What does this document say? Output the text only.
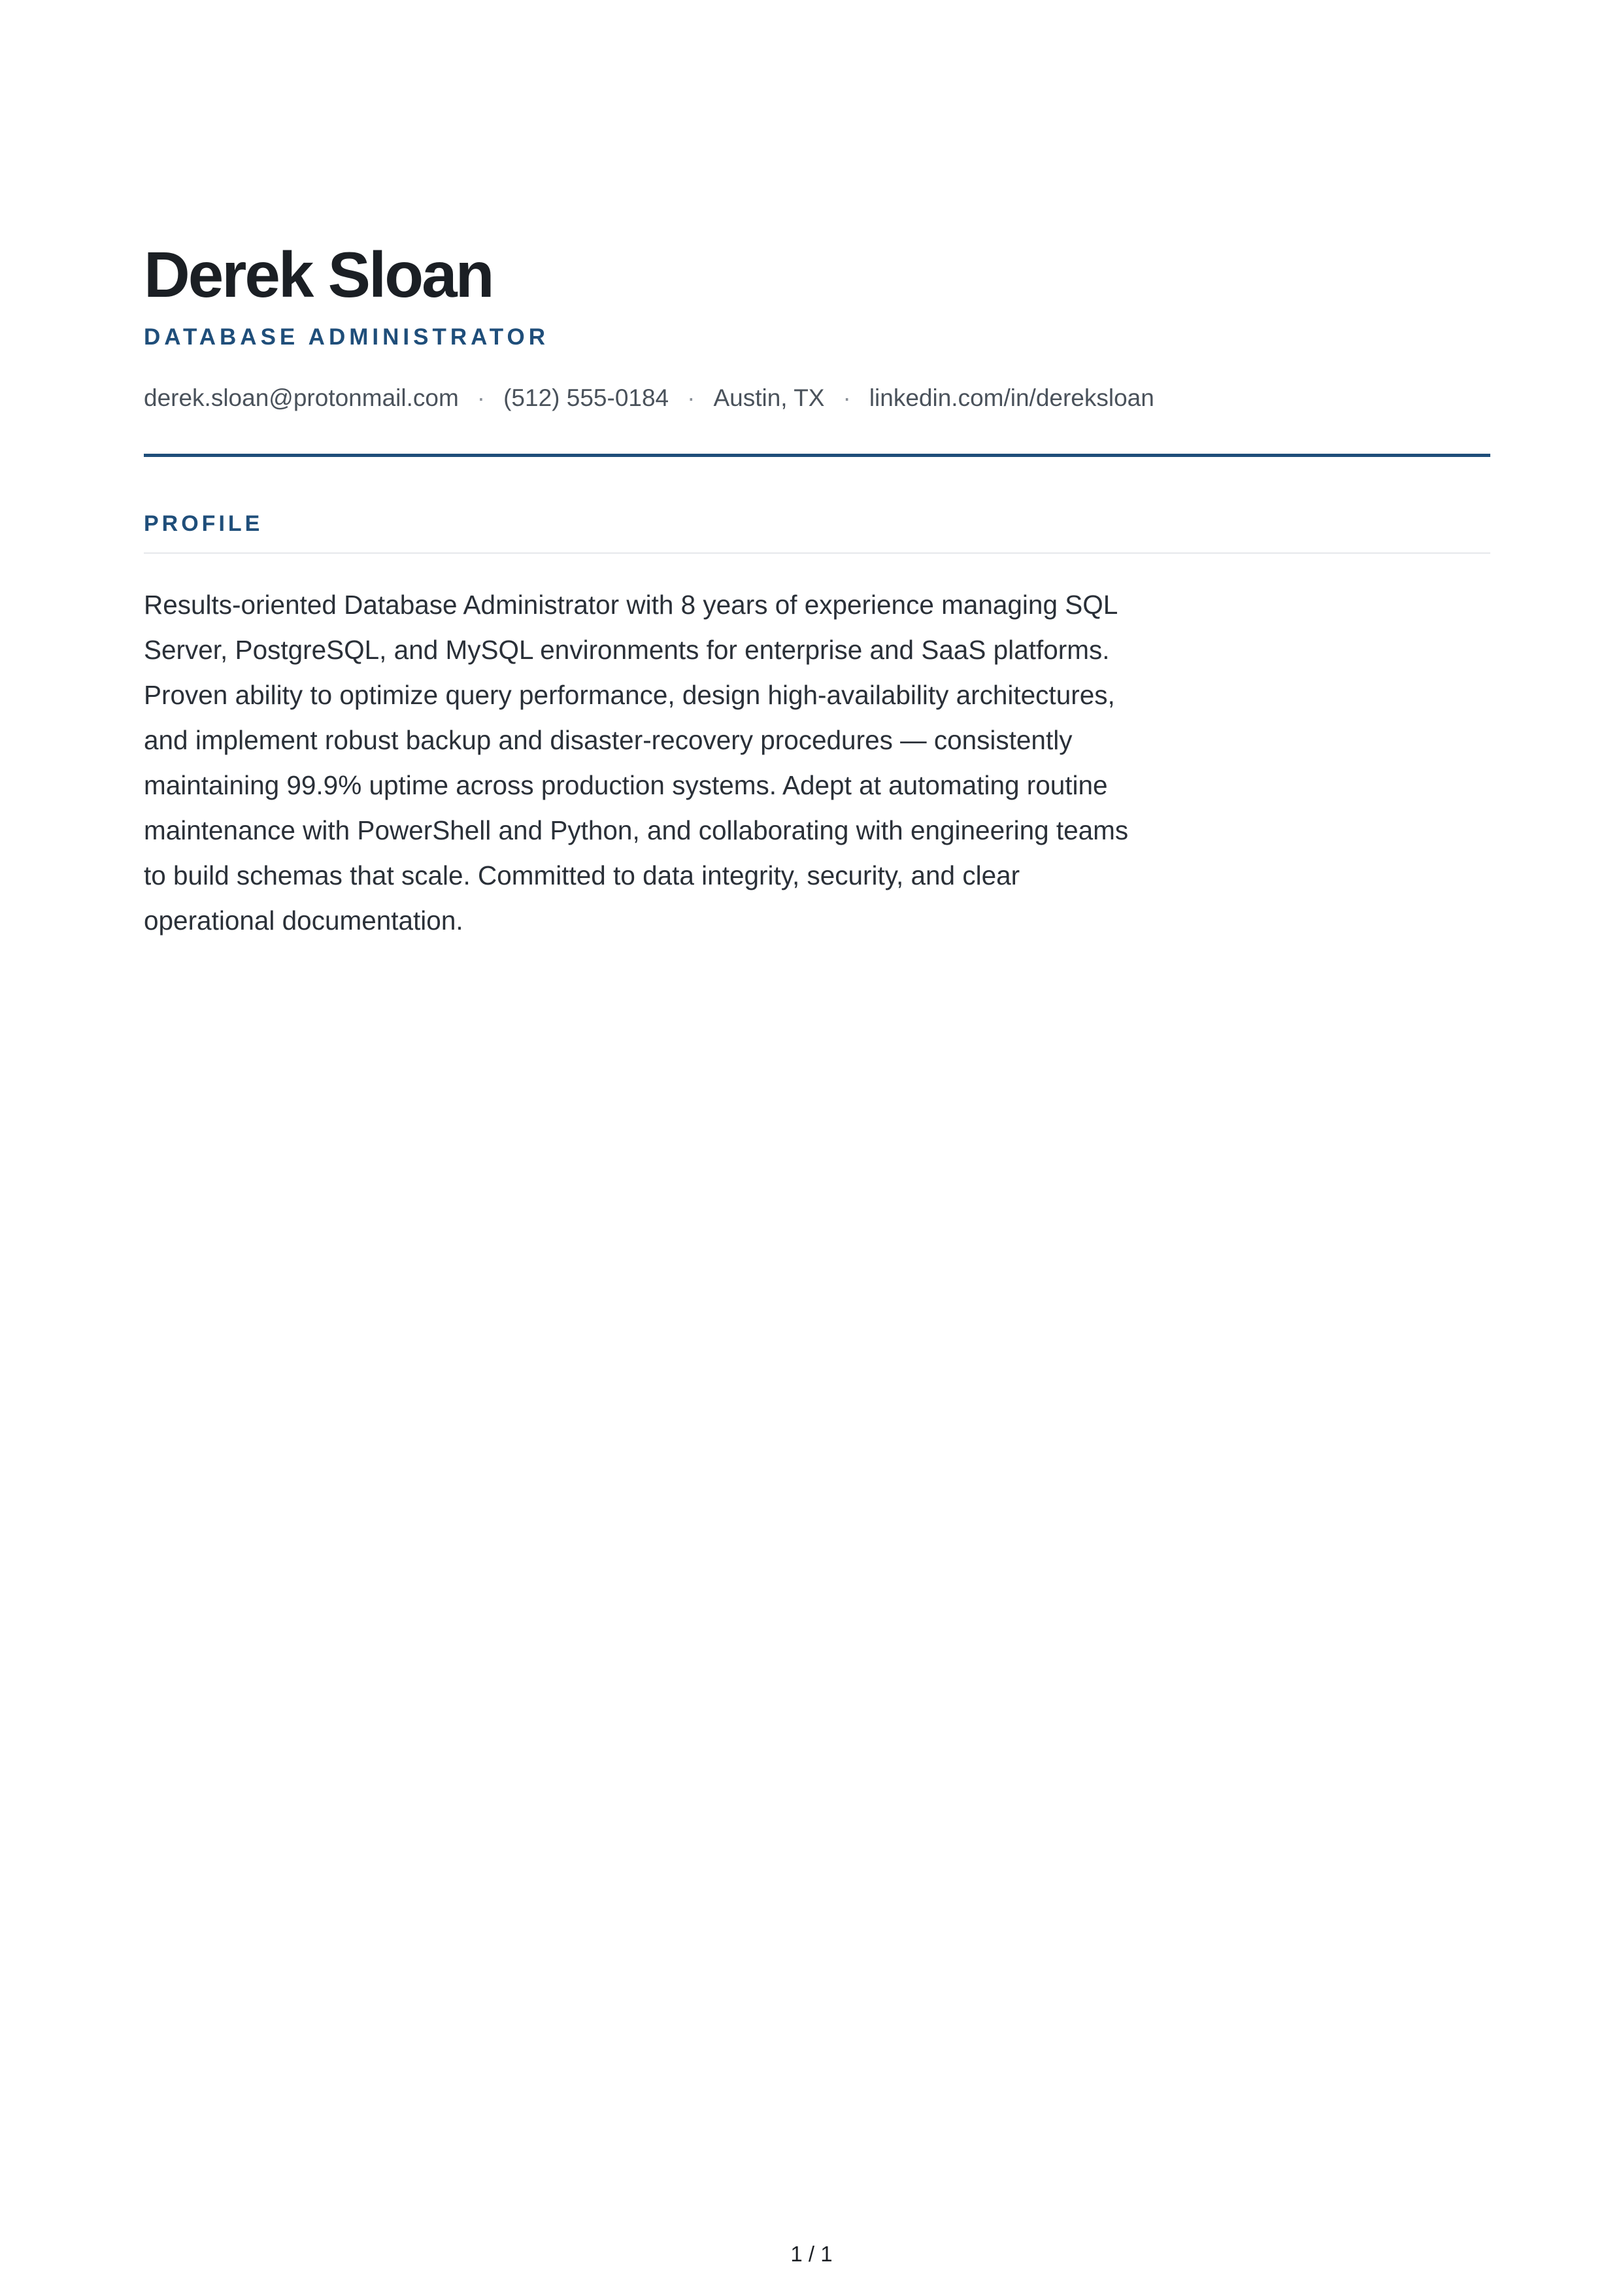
Derek Sloan
DATABASE ADMINISTRATOR
derek.sloan@protonmail.com · (512) 555-0184 · Austin, TX · linkedin.com/in/dereksloan
PROFILE

Results-oriented Database Administrator with 8 years of experience managing SQL Server, PostgreSQL, and MySQL environments for enterprise and SaaS platforms. Proven ability to optimize query performance, design high-availability architectures, and implement robust backup and disaster-recovery procedures — consistently maintaining 99.9% uptime across production systems. Adept at automating routine maintenance with PowerShell and Python, and collaborating with engineering teams to build schemas that scale. Committed to data integrity, security, and clear operational documentation.

1 / 1
